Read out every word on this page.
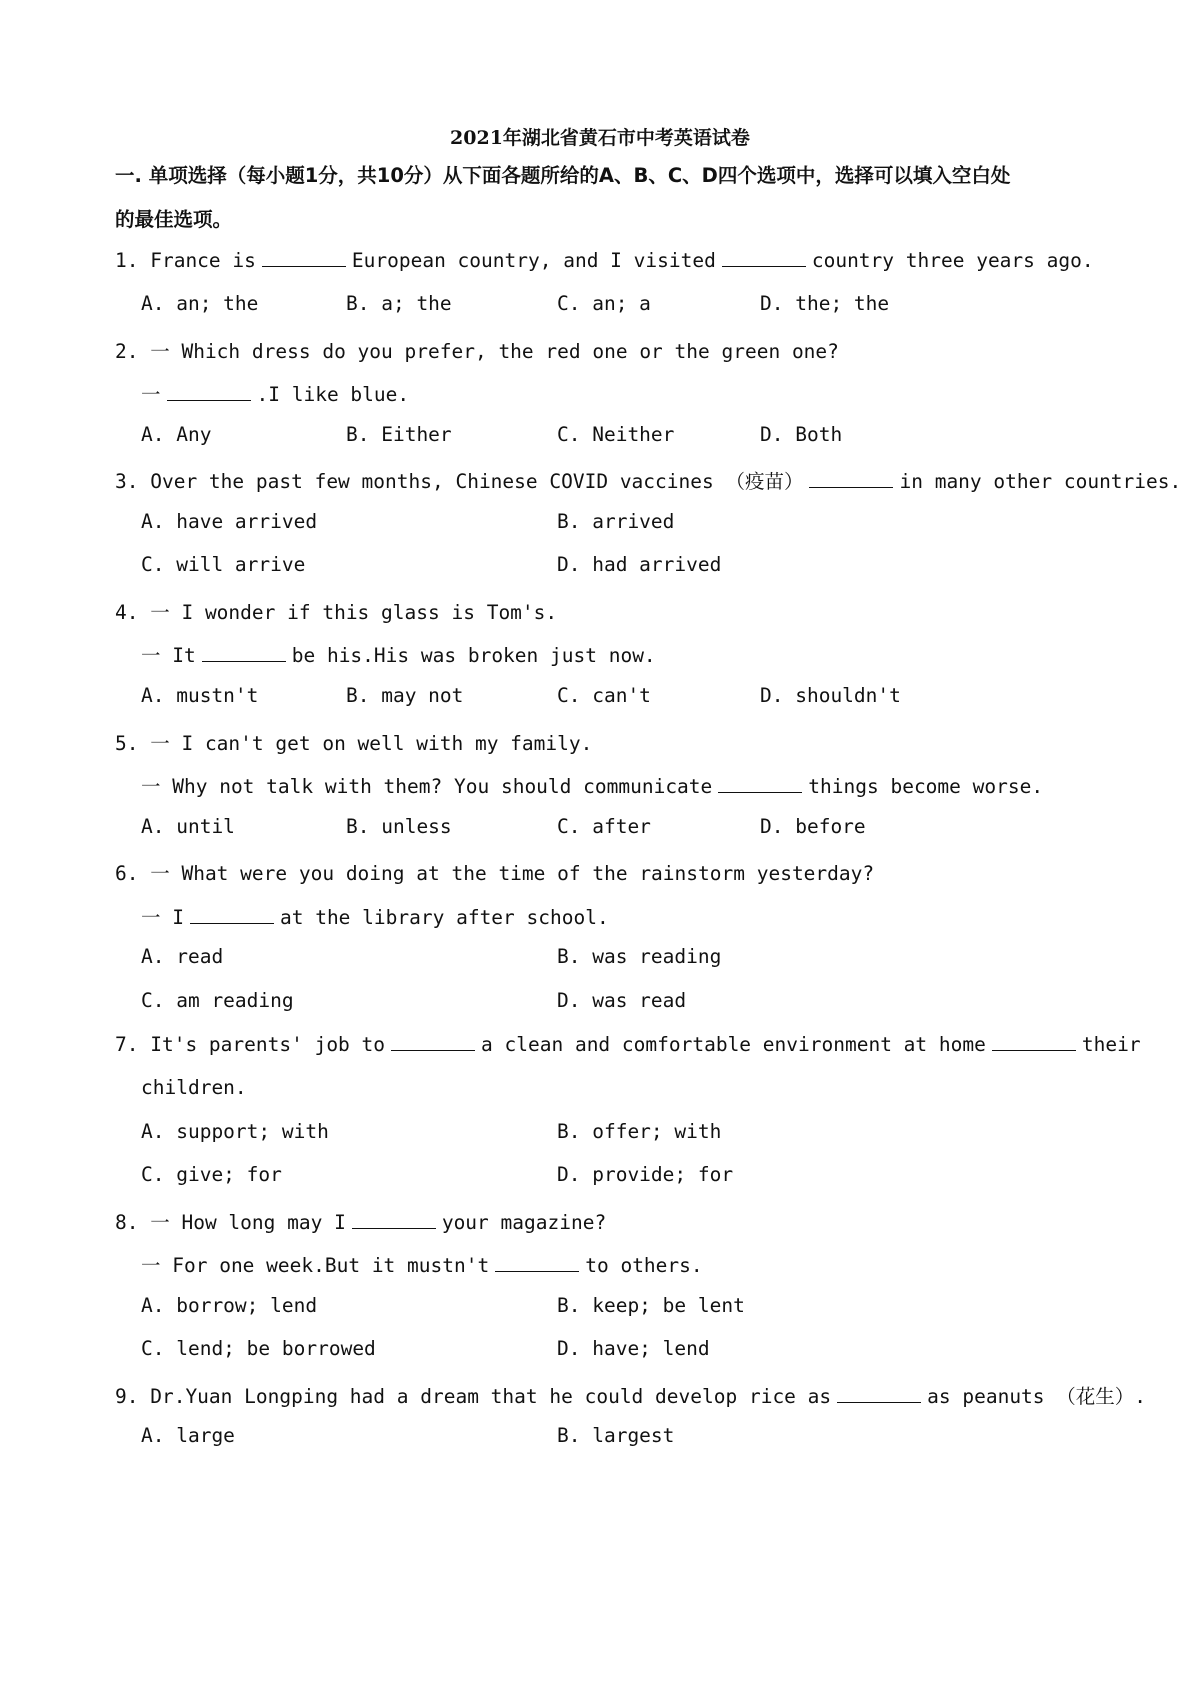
2021年湖北省黄石市中考英语试卷
一. 单项选择（每小题1分，共10分）从下面各题所给的A、B、C、D四个选项中，选择可以填入空白处
的最佳选项。
1. France is	European country, and I visited	country three years ago.
A. an; the	B. a; the	C. an; a	D. the; the
2. 一 Which dress do you prefer, the red one or the green one?
一	.I like blue.
A. Any	B. Either	C. Neither	D. Both
3. Over the past few months, Chinese COVID vaccines （疫苗）	in many other countries.
A. have arrived	B. arrived
C. will arrive	D. had arrived
4. 一 I wonder if this glass is Tom's.
一 It	be his.His was broken just now.
A. mustn't	B. may not	C. can't	D. shouldn't
5. 一 I can't get on well with my family.
一 Why not talk with them? You should communicate	things become worse.
A. until	B. unless	C. after	D. before
6. 一 What were you doing at the time of the rainstorm yesterday?
一 I	at the library after school.
A. read	B. was reading
C. am reading	D. was read
7. It's parents' job to	a clean and comfortable environment at home	their
children.
A. support; with	B. offer; with
C. give; for	D. provide; for
8. 一 How long may I	your magazine?
一 For one week.But it mustn't	to others.
A. borrow; lend	B. keep; be lent
C. lend; be borrowed	D. have; lend
9. Dr.Yuan Longping had a dream that he could develop rice as	as peanuts （花生）.
A. large	B. largest
